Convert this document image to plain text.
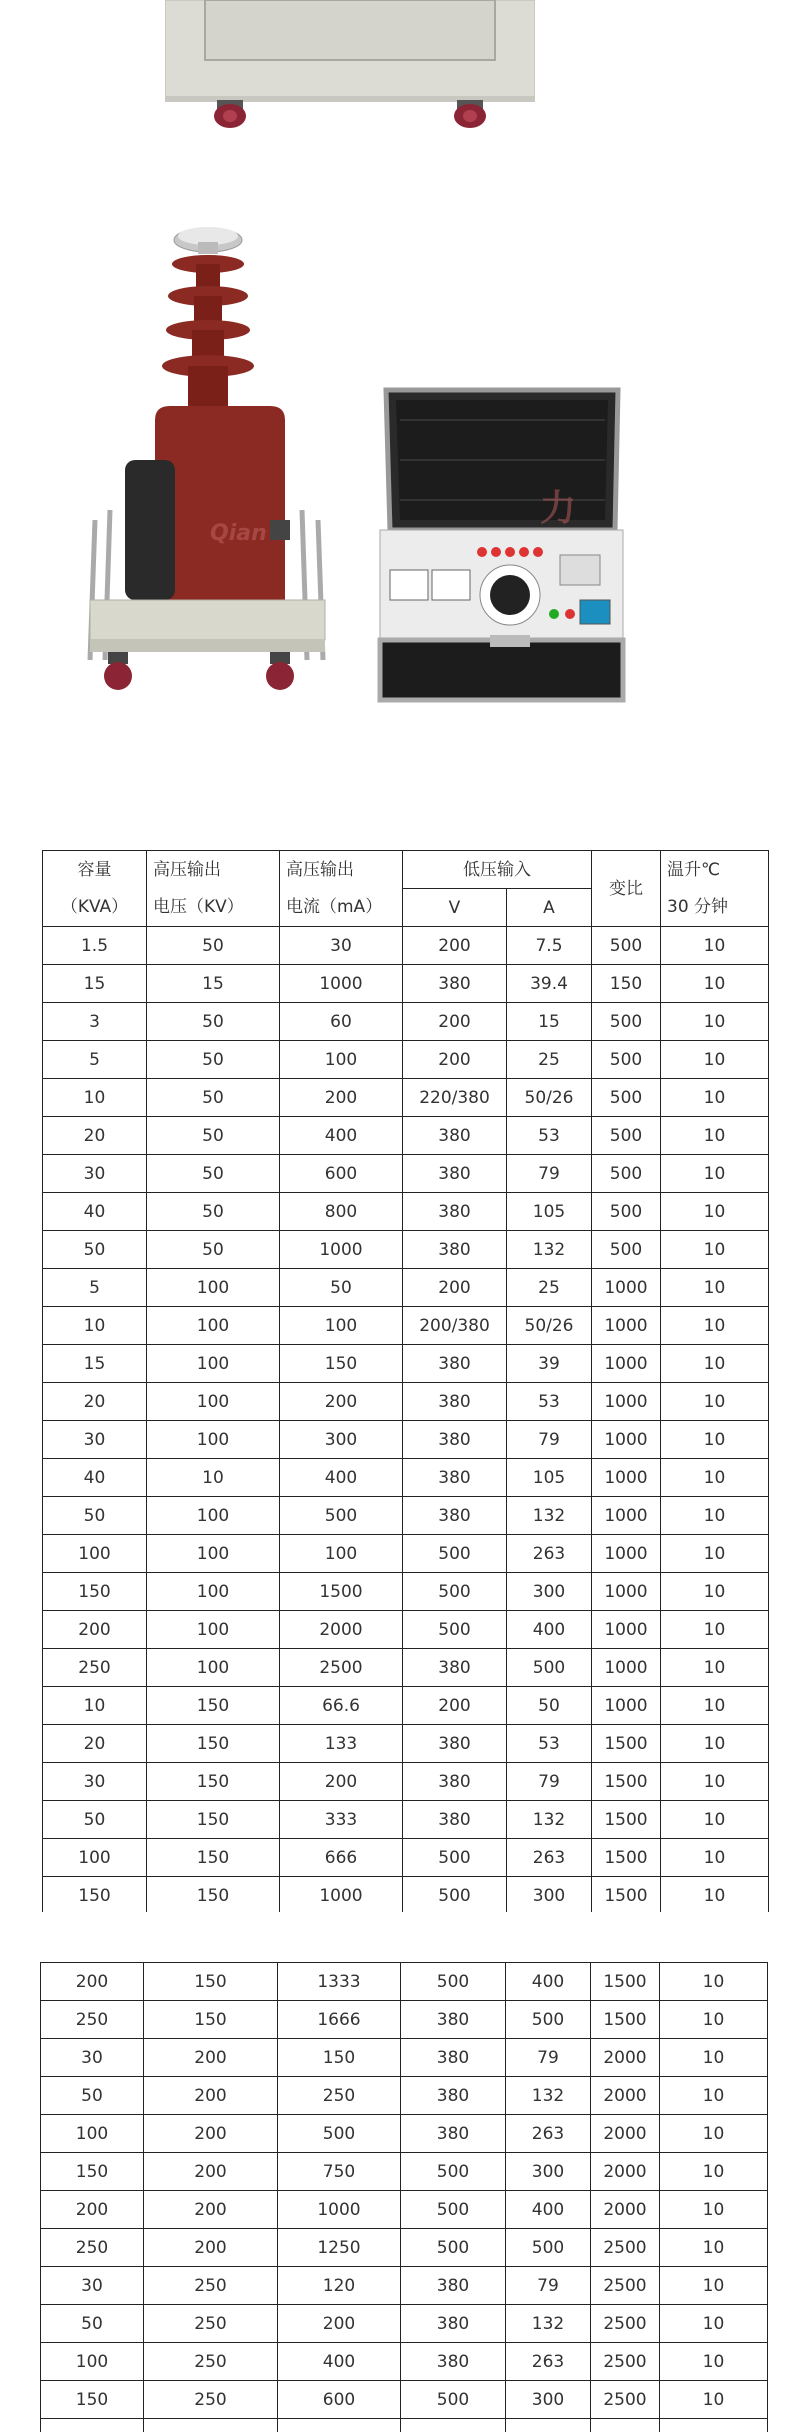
Qian
力
容量	高压输出	高压输出	低压输入		变比	温升℃
（KVA）	电压（KV）	电流（mA）	V	A		30 分钟
1.5	50	30	200	7.5	500	10
15	15	1000	380	39.4	150	10
3	50	60	200	15	500	10
5	50	100	200	25	500	10
10	50	200	220/380	50/26	500	10
20	50	400	380	53	500	10
30	50	600	380	79	500	10
40	50	800	380	105	500	10
50	50	1000	380	132	500	10
5	100	50	200	25	1000	10
10	100	100	200/380	50/26	1000	10
15	100	150	380	39	1000	10
20	100	200	380	53	1000	10
30	100	300	380	79	1000	10
40	10	400	380	105	1000	10
50	100	500	380	132	1000	10
100	100	100	500	263	1000	10
150	100	1500	500	300	1000	10
200	100	2000	500	400	1000	10
250	100	2500	380	500	1000	10
10	150	66.6	200	50	1000	10
20	150	133	380	53	1500	10
30	150	200	380	79	1500	10
50	150	333	380	132	1500	10
100	150	666	500	263	1500	10
150	150	1000	500	300	1500	10
200	150	1333	500	400	1500	10
250	150	1666	380	500	1500	10
30	200	150	380	79	2000	10
50	200	250	380	132	2000	10
100	200	500	380	263	2000	10
150	200	750	500	300	2000	10
200	200	1000	500	400	2000	10
250	200	1250	500	500	2500	10
30	250	120	380	79	2500	10
50	250	200	380	132	2500	10
100	250	400	380	263	2500	10
150	250	600	500	300	2500	10
